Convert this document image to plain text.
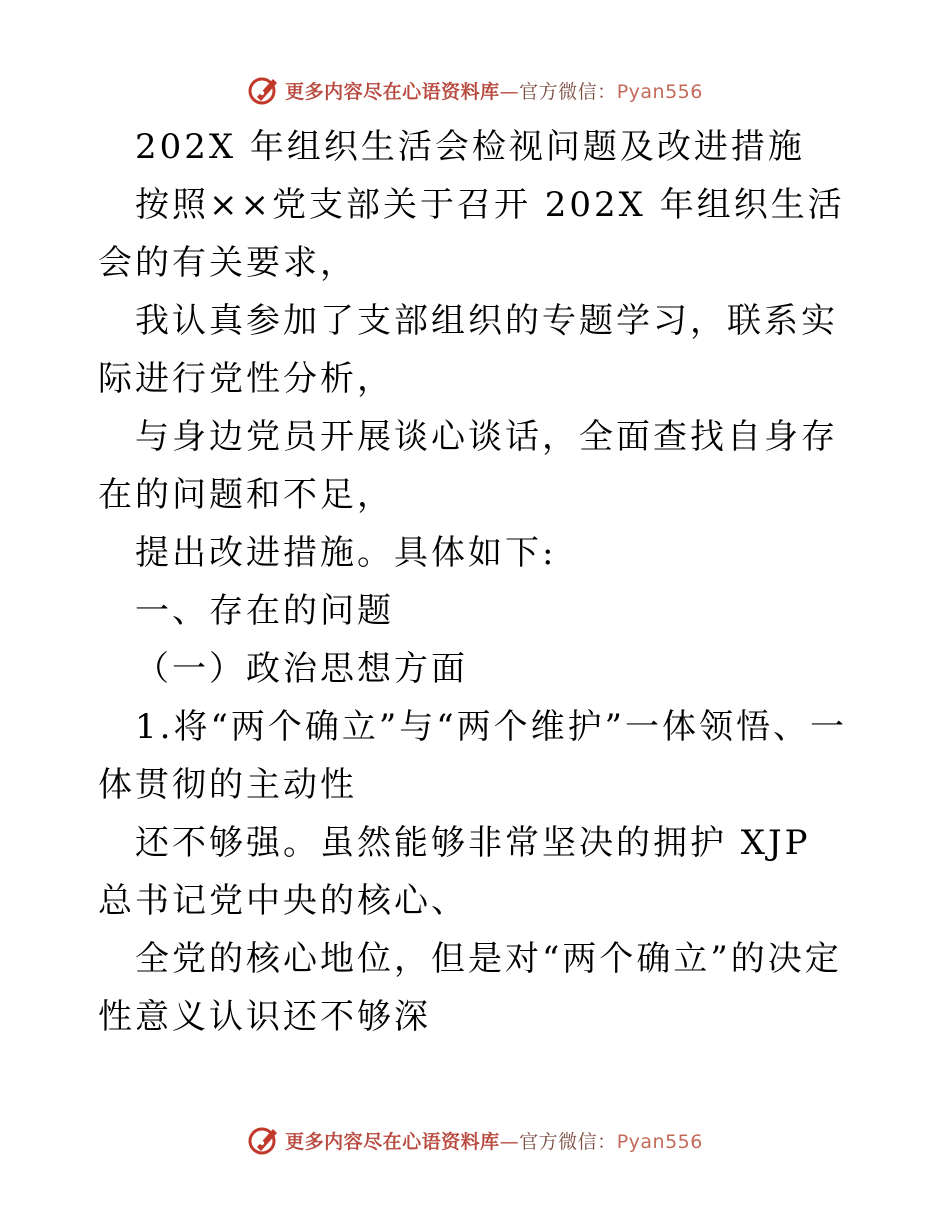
更多内容尽在心语资料库—官方微信：Pyan556

202X 年组织生活会检视问题及改进措施

按照××党支部关于召开 202X 年组织生活会的有关要求，

我认真参加了支部组织的专题学习，联系实际进行党性分析，

与身边党员开展谈心谈话，全面查找自身存在的问题和不足，

提出改进措施。具体如下:

一、存在的问题

（一）政治思想方面

1.将“两个确立”与“两个维护”一体领悟、一体贯彻的主动性

还不够强。虽然能够非常坚决的拥护 XJP 总书记党中央的核心、

全党的核心地位，但是对“两个确立”的决定性意义认识还不够深

更多内容尽在心语资料库—官方微信：Pyan556
